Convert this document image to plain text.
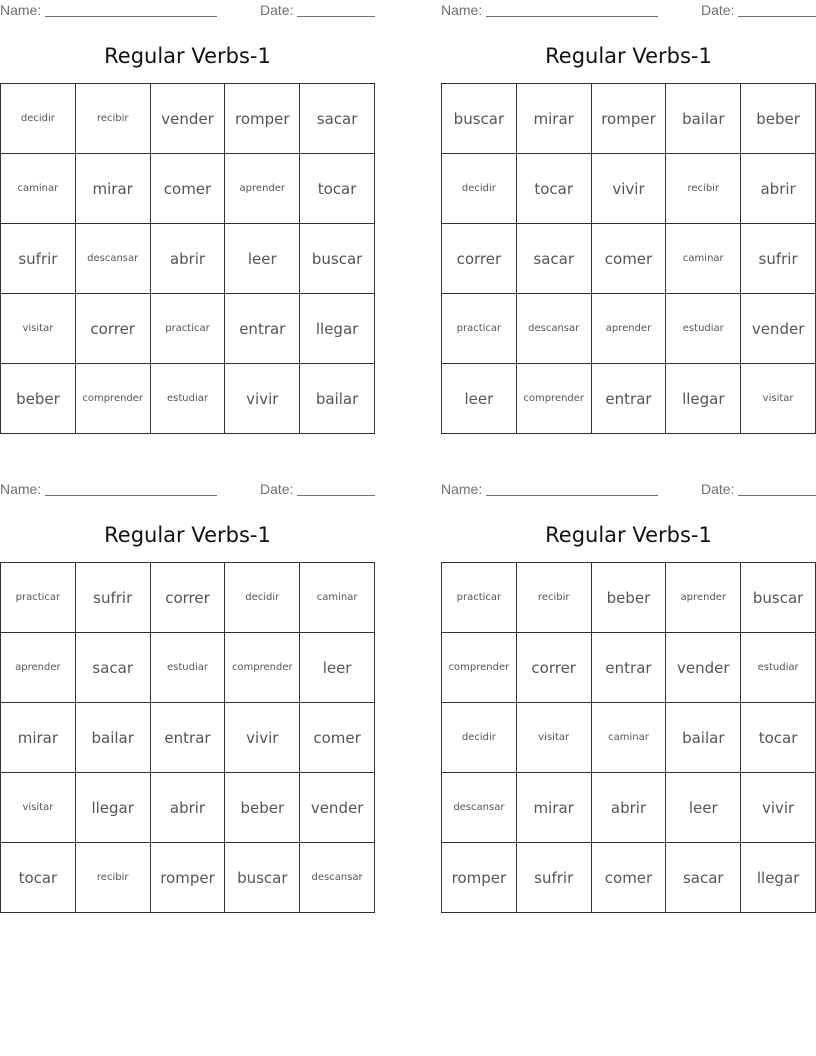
Name:	Date:
Regular Verbs-1
decidir	recibir	vender	romper	sacar
caminar	mirar	comer	aprender	tocar
sufrir	descansar	abrir	leer	buscar
visitar	correr	practicar	entrar	llegar
beber	comprender	estudiar	vivir	bailar
Name:	Date:
Regular Verbs-1
buscar	mirar	romper	bailar	beber
decidir	tocar	vivir	recibir	abrir
correr	sacar	comer	caminar	sufrir
practicar	descansar	aprender	estudiar	vender
leer	comprender	entrar	llegar	visitar
Name:	Date:
Regular Verbs-1
practicar	sufrir	correr	decidir	caminar
aprender	sacar	estudiar	comprender	leer
mirar	bailar	entrar	vivir	comer
visitar	llegar	abrir	beber	vender
tocar	recibir	romper	buscar	descansar
Name:	Date:
Regular Verbs-1
practicar	recibir	beber	aprender	buscar
comprender	correr	entrar	vender	estudiar
decidir	visitar	caminar	bailar	tocar
descansar	mirar	abrir	leer	vivir
romper	sufrir	comer	sacar	llegar
